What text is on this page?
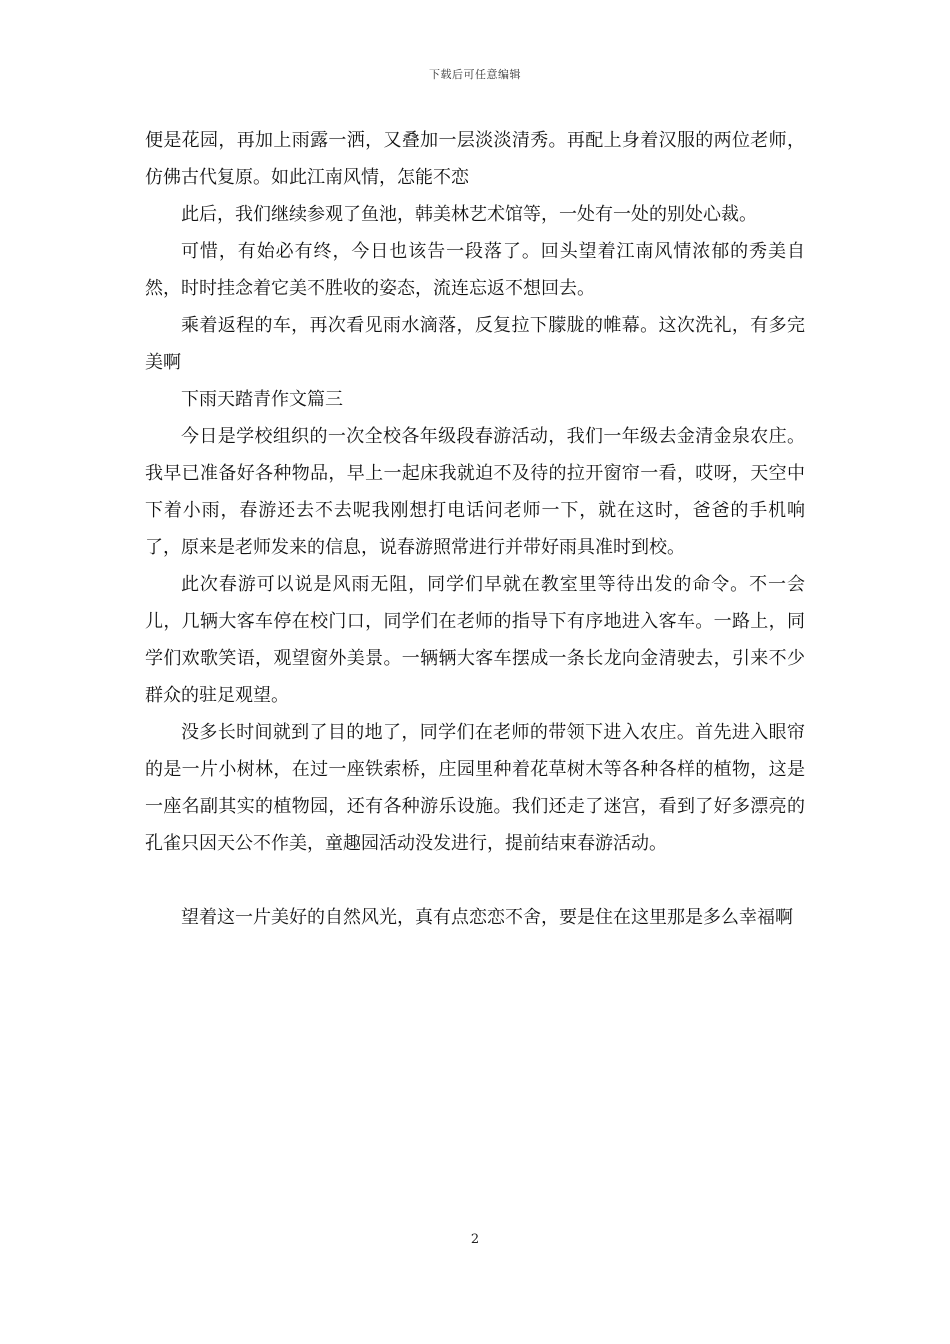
下载后可任意编辑

便是花园，再加上雨露一洒，又叠加一层淡淡清秀。再配上身着汉服的两位老师，仿佛古代复原。如此江南风情，怎能不恋

此后，我们继续参观了鱼池，韩美林艺术馆等，一处有一处的别处心裁。

可惜，有始必有终，今日也该告一段落了。回头望着江南风情浓郁的秀美自然，时时挂念着它美不胜收的姿态，流连忘返不想回去。

乘着返程的车，再次看见雨水滴落，反复拉下朦胧的帷幕。这次洗礼，有多完美啊

下雨天踏青作文篇三

今日是学校组织的一次全校各年级段春游活动，我们一年级去金清金泉农庄。我早已准备好各种物品，早上一起床我就迫不及待的拉开窗帘一看，哎呀，天空中下着小雨，春游还去不去呢我刚想打电话问老师一下，就在这时，爸爸的手机响了，原来是老师发来的信息，说春游照常进行并带好雨具准时到校。

此次春游可以说是风雨无阻，同学们早就在教室里等待出发的命令。不一会儿，几辆大客车停在校门口，同学们在老师的指导下有序地进入客车。一路上，同学们欢歌笑语，观望窗外美景。一辆辆大客车摆成一条长龙向金清驶去，引来不少群众的驻足观望。

没多长时间就到了目的地了，同学们在老师的带领下进入农庄。首先进入眼帘的是一片小树林，在过一座铁索桥，庄园里种着花草树木等各种各样的植物，这是一座名副其实的植物园，还有各种游乐设施。我们还走了迷宫，看到了好多漂亮的孔雀只因天公不作美，童趣园活动没发进行，提前结束春游活动。

望着这一片美好的自然风光，真有点恋恋不舍，要是住在这里那是多么幸福啊

2
